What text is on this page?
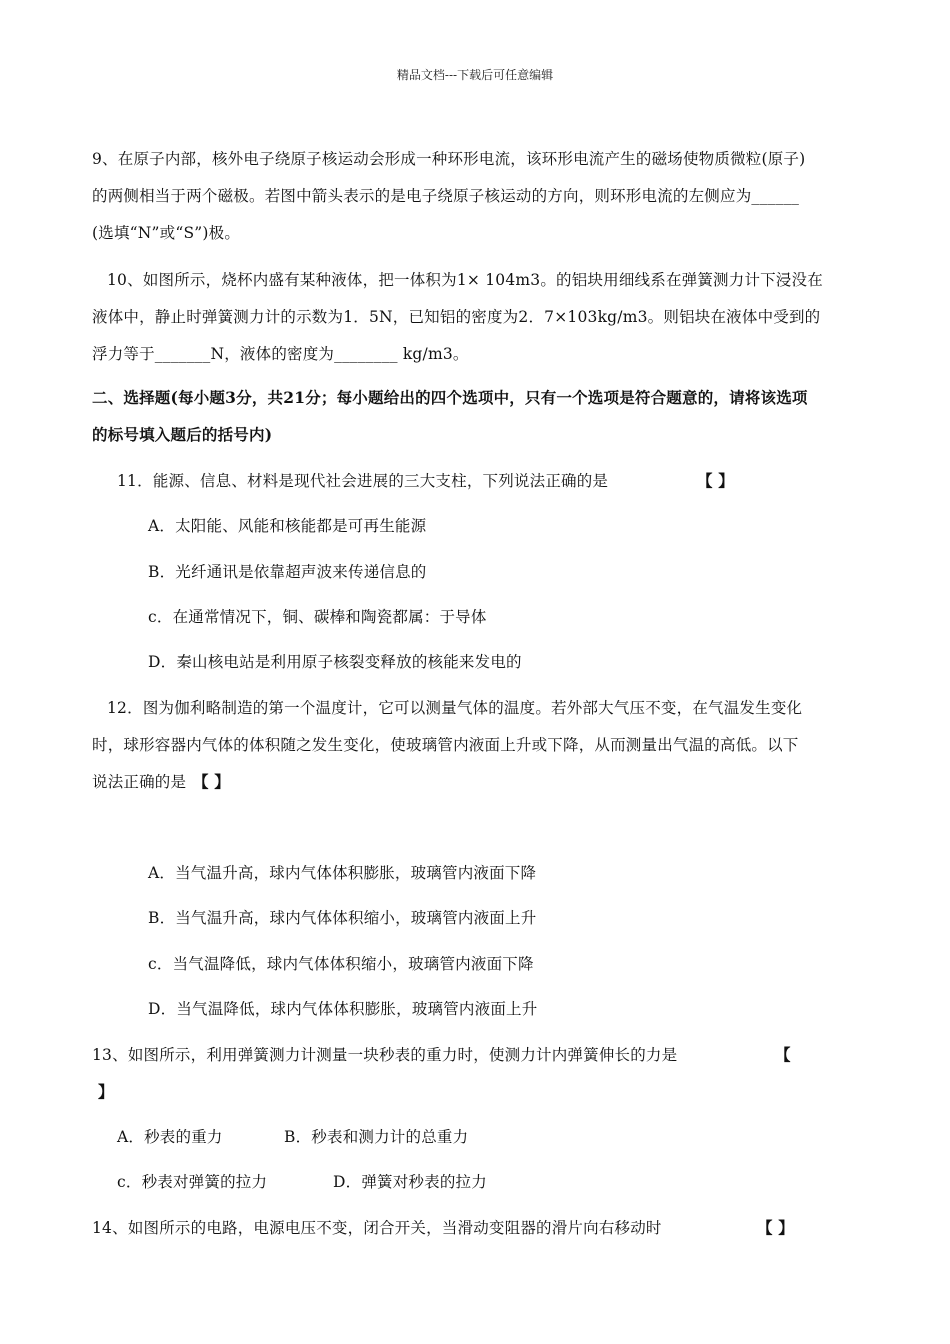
精品文档---下载后可任意编辑
9、在原子内部，核外电子绕原子核运动会形成一种环形电流，该环形电流产生的磁场使物质微粒(原子)
的两侧相当于两个磁极。若图中箭头表示的是电子绕原子核运动的方向，则环形电流的左侧应为______
(选填“N”或“S”)极。
10、如图所示，烧杯内盛有某种液体，把一体积为1× 104m3。的铝块用细线系在弹簧测力计下浸没在
液体中，静止时弹簧测力计的示数为1．5N，已知铝的密度为2．7×103kg/m3。则铝块在液体中受到的
浮力等于_______N，液体的密度为________ kg/m3。
二、选择题(每小题3分，共21分；每小题给出的四个选项中，只有一个选项是符合题意的，请将该选项
的标号填入题后的括号内)
11．能源、信息、材料是现代社会进展的三大支柱，下列说法正确的是	【 】
A．太阳能、风能和核能都是可再生能源
B．光纤通讯是依靠超声波来传递信息的
c．在通常情况下，铜、碳棒和陶瓷都属：于导体
D．秦山核电站是利用原子核裂变释放的核能来发电的
12．图为伽利略制造的第一个温度计，它可以测量气体的温度。若外部大气压不变，在气温发生变化
时，球形容器内气体的体积随之发生变化，使玻璃管内液面上升或下降，从而测量出气温的高低。以下
说法正确的是 【 】
A．当气温升高，球内气体体积膨胀，玻璃管内液面下降
B．当气温升高，球内气体体积缩小，玻璃管内液面上升
c．当气温降低，球内气体体积缩小，玻璃管内液面下降
D．当气温降低，球内气体体积膨胀，玻璃管内液面上升
13、如图所示，利用弹簧测力计测量一块秒表的重力时，使测力计内弹簧伸长的力是	【
】
A．秒表的重力	B．秒表和测力计的总重力
c．秒表对弹簧的拉力	D．弹簧对秒表的拉力
14、如图所示的电路，电源电压不变，闭合开关，当滑动变阻器的滑片向右移动时	【 】
